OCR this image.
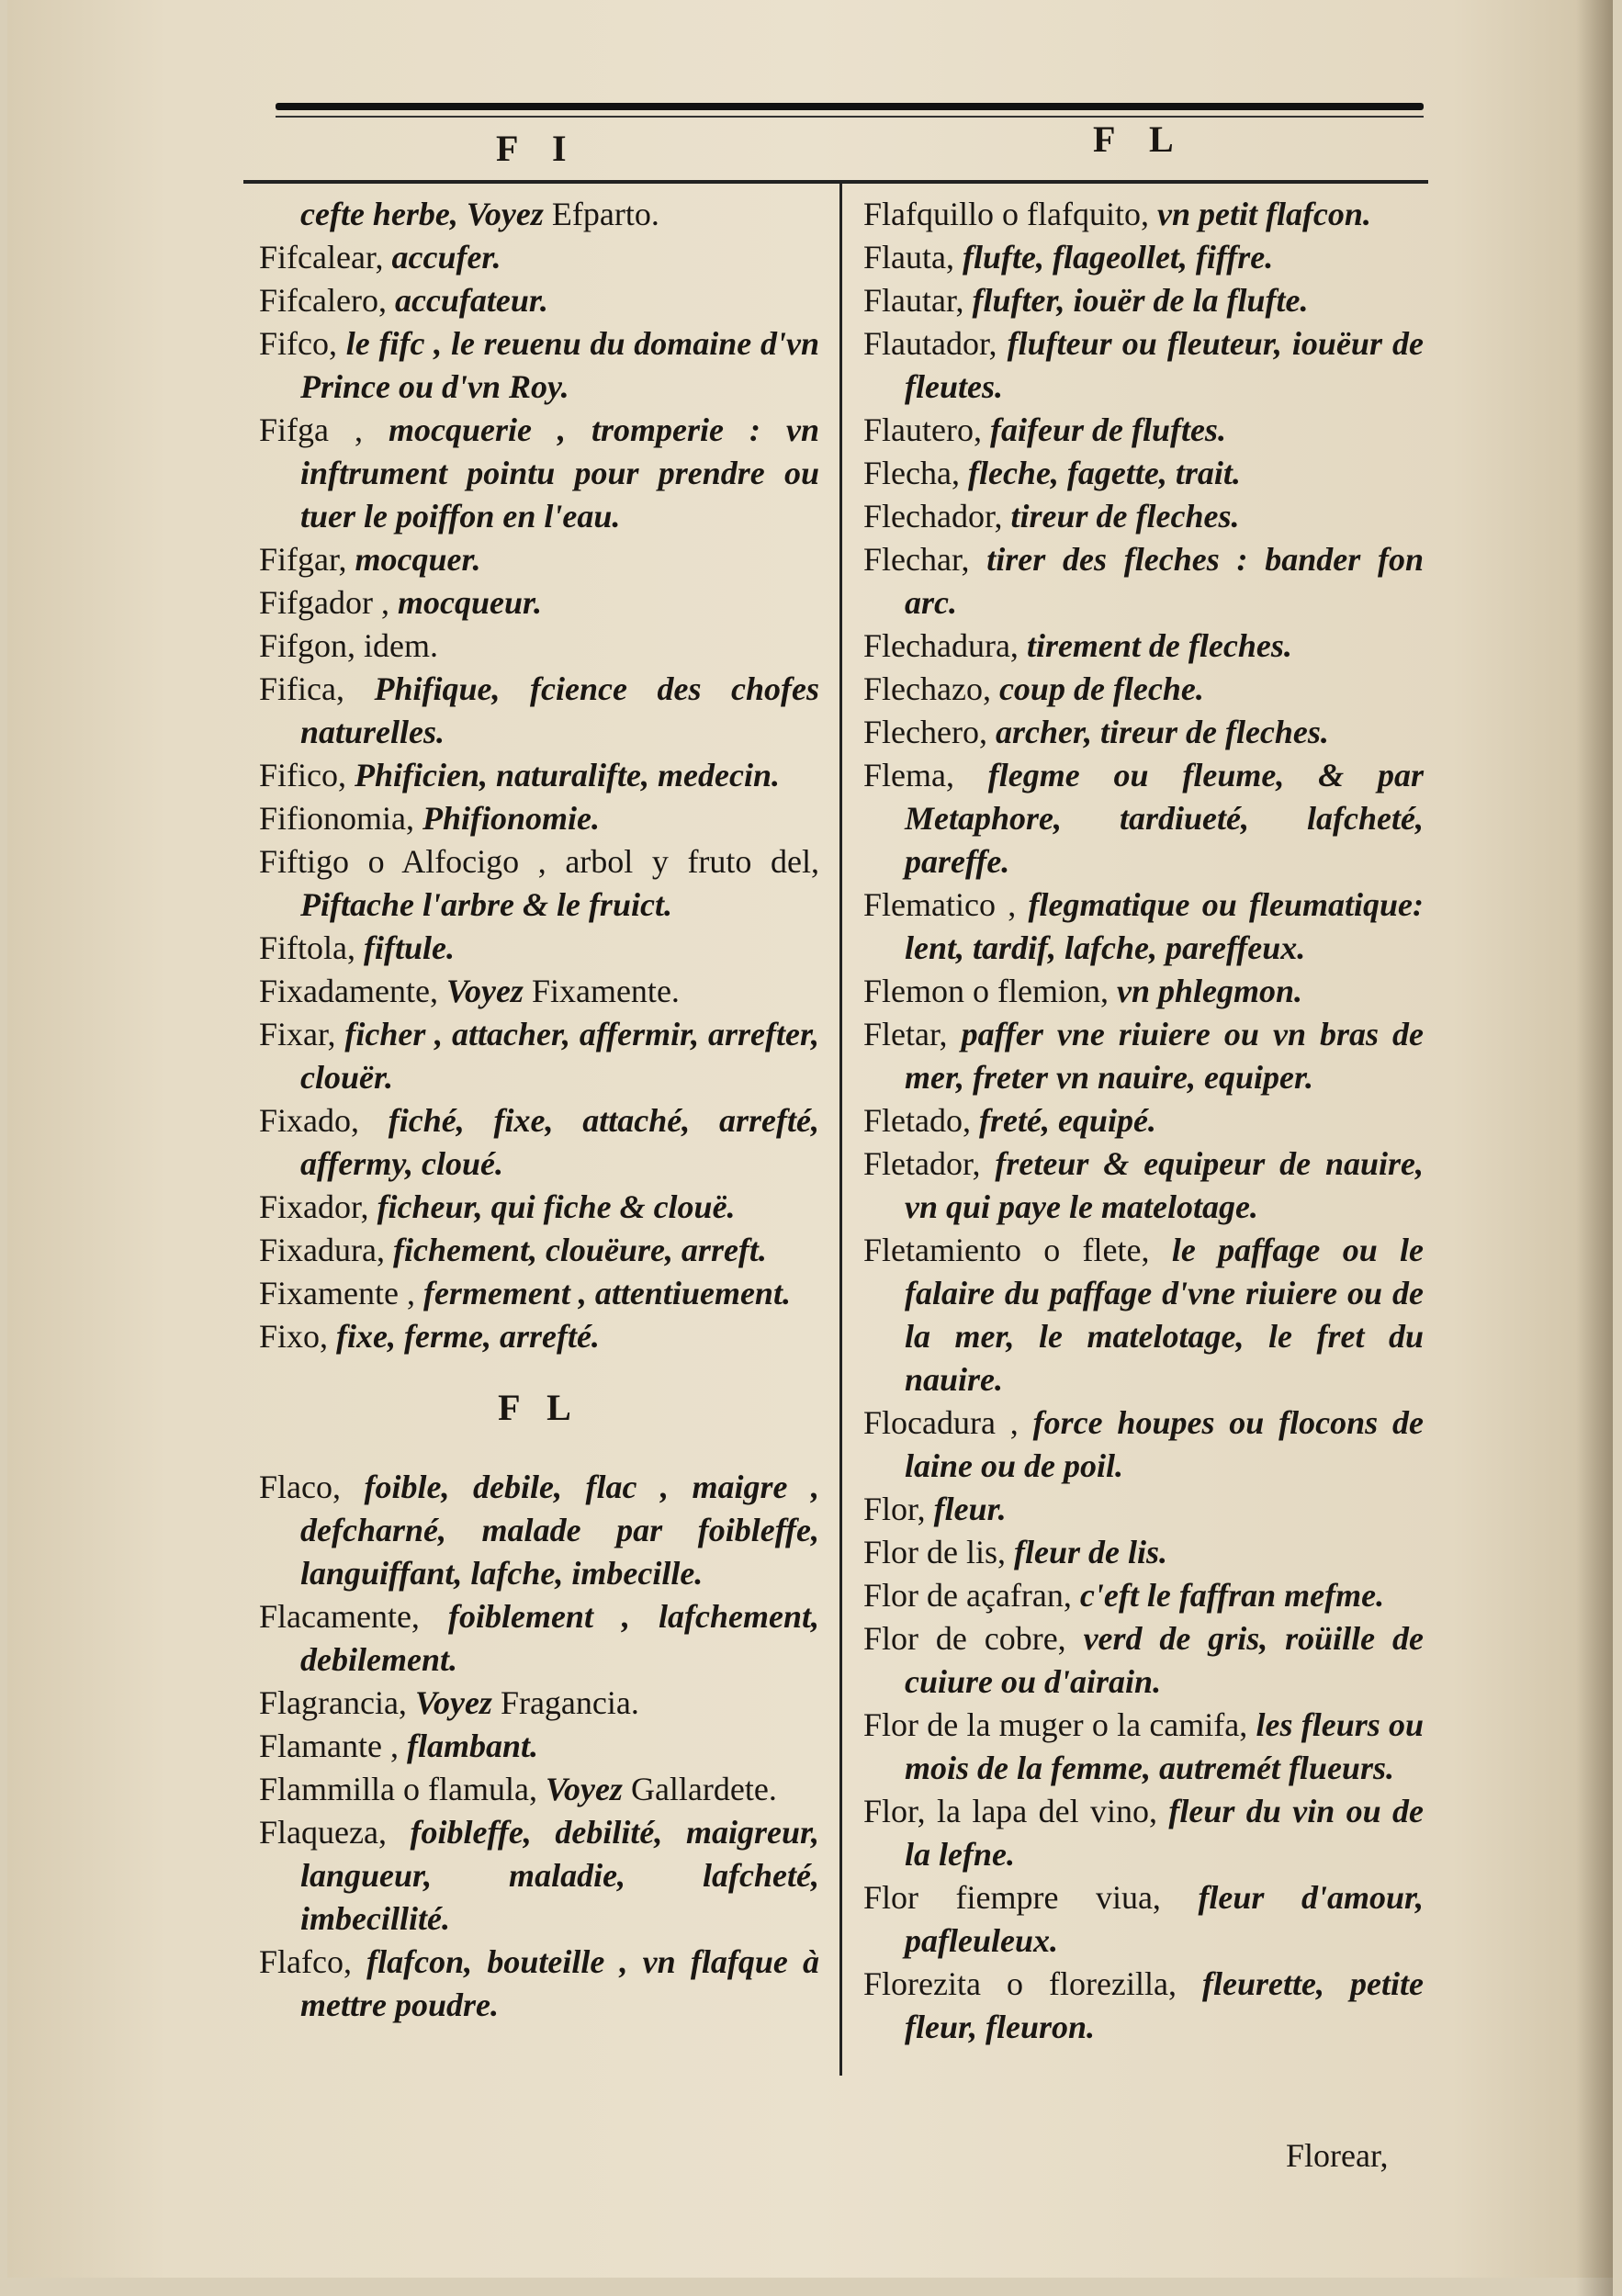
F I	F L

cefte herbe, Voyez Efparto.

Fifcalear, accufer.

Fifcalero, accufateur.

Fifco, le fifc , le reuenu du domaine d'vn Prince ou d'vn Roy.

Fifga , mocquerie , tromperie : vn inftrument pointu pour prendre ou tuer le poiffon en l'eau.

Fifgar, mocquer.

Fifgador , mocqueur.

Fifgon, idem.

Fifica, Phifique, fcience des chofes naturelles.

Fifico, Phificien, naturalifte, medecin.

Fifionomia, Phifionomie.

Fiftigo o Alfocigo , arbol y fruto del, Piftache l'arbre & le fruict.

Fiftola, fiftule.

Fixadamente, Voyez Fixamente.

Fixar, ficher , attacher, affermir, arrefter, clouër.

Fixado, fiché, fixe, attaché, arrefté, affermy, cloué.

Fixador, ficheur, qui fiche & clouë.

Fixadura, fichement, clouëure, arreft.

Fixamente , fermement , attentiuement.

Fixo, fixe, ferme, arrefté.

F L

Flaco, foible, debile, flac , maigre , defcharné, malade par foibleffe, languiffant, lafche, imbecille.

Flacamente, foiblement , lafchement, debilement.

Flagrancia, Voyez Fragancia.

Flamante , flambant.

Flammilla o flamula, Voyez Gallardete.

Flaqueza, foibleffe, debilité, maigreur, langueur, maladie, lafcheté, imbecillité.

Flafco, flafcon, bouteille , vn flafque à mettre poudre.

Flafquillo o flafquito, vn petit flafcon.

Flauta, flufte, flageollet, fiffre.

Flautar, flufter, iouër de la flufte.

Flautador, flufteur ou fleuteur, iouëur de fleutes.

Flautero, faifeur de fluftes.

Flecha, fleche, fagette, trait.

Flechador, tireur de fleches.

Flechar, tirer des fleches : bander fon arc.

Flechadura, tirement de fleches.

Flechazo, coup de fleche.

Flechero, archer, tireur de fleches.

Flema, flegme ou fleume, & par Metaphore, tardiueté, lafcheté, pareffe.

Flematico , flegmatique ou fleumatique: lent, tardif, lafche, pareffeux.

Flemon o flemion, vn phlegmon.

Fletar, paffer vne riuiere ou vn bras de mer, freter vn nauire, equiper.

Fletado, freté, equipé.

Fletador, freteur & equipeur de nauire, vn qui paye le matelotage.

Fletamiento o flete, le paffage ou le falaire du paffage d'vne riuiere ou de la mer, le matelotage, le fret du nauire.

Flocadura , force houpes ou flocons de laine ou de poil.

Flor, fleur.

Flor de lis, fleur de lis.

Flor de açafran, c'eft le faffran mefme.

Flor de cobre, verd de gris, roüille de cuiure ou d'airain.

Flor de la muger o la camifa, les fleurs ou mois de la femme, autremét flueurs.

Flor, la lapa del vino, fleur du vin ou de la lefne.

Flor fiempre viua, fleur d'amour, pafleuleux.

Florezita o florezilla, fleurette, petite fleur, fleuron.

Florear,
